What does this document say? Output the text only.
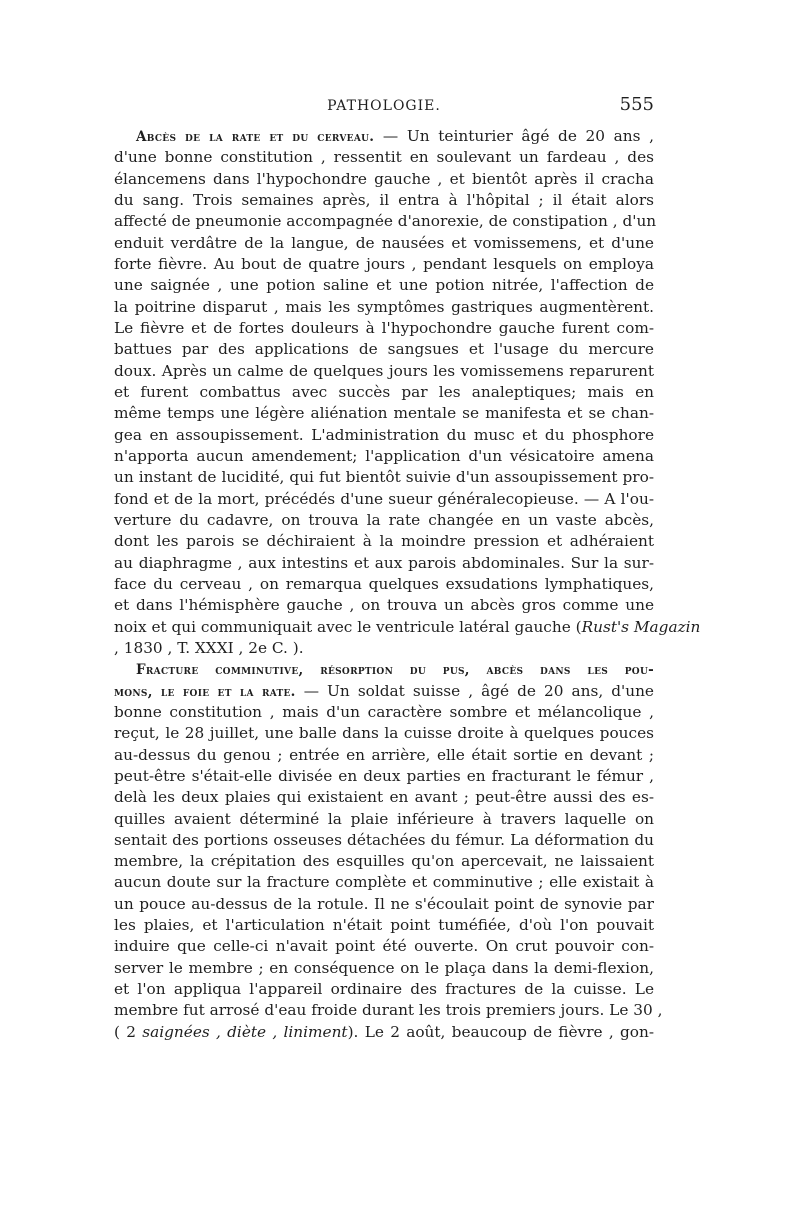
PATHOLOGIE.	555
Abcès de la rate et du cerveau. — Un teinturier âgé de 20 ans ,
d'une bonne constitution , ressentit en soulevant un fardeau , des
élancemens dans l'hypochondre gauche , et bientôt après il cracha
du sang. Trois semaines après, il entra à l'hôpital ; il était alors
affecté de pneumonie accompagnée d'anorexie, de constipation , d'un
enduit verdâtre de la langue, de nausées et vomissemens, et d'une
forte fièvre. Au bout de quatre jours , pendant lesquels on employa
une saignée , une potion saline et une potion nitrée, l'affection de
la poitrine disparut , mais les symptômes gastriques augmentèrent.
Le fièvre et de fortes douleurs à l'hypochondre gauche furent com-
battues par des applications de sangsues et l'usage du mercure
doux. Après un calme de quelques jours les vomissemens reparurent
et furent combattus avec succès par les analeptiques; mais en
même temps une légère aliénation mentale se manifesta et se chan-
gea en assoupissement. L'administration du musc et du phosphore
n'apporta aucun amendement; l'application d'un vésicatoire amena
un instant de lucidité, qui fut bientôt suivie d'un assoupissement pro-
fond et de la mort, précédés d'une sueur généralecopieuse. — A l'ou-
verture du cadavre, on trouva la rate changée en un vaste abcès,
dont les parois se déchiraient à la moindre pression et adhéraient
au diaphragme , aux intestins et aux parois abdominales. Sur la sur-
face du cerveau , on remarqua quelques exsudations lymphatiques,
et dans l'hémisphère gauche , on trouva un abcès gros comme une
noix et qui communiquait avec le ventricule latéral gauche (Rust's Magazin
, 1830 , T. XXXI , 2e C. ).
Fracture comminutive, résorption du pus, abcès dans les pou-
mons, le foie et la rate. — Un soldat suisse , âgé de 20 ans, d'une
bonne constitution , mais d'un caractère sombre et mélancolique ,
reçut, le 28 juillet, une balle dans la cuisse droite à quelques pouces
au-dessus du genou ; entrée en arrière, elle était sortie en devant ;
peut-être s'était-elle divisée en deux parties en fracturant le fémur ,
delà les deux plaies qui existaient en avant ; peut-être aussi des es-
quilles avaient déterminé la plaie inférieure à travers laquelle on
sentait des portions osseuses détachées du fémur. La déformation du
membre, la crépitation des esquilles qu'on apercevait, ne laissaient
aucun doute sur la fracture complète et comminutive ; elle existait à
un pouce au-dessus de la rotule. Il ne s'écoulait point de synovie par
les plaies, et l'articulation n'était point tuméfiée, d'où l'on pouvait
induire que celle-ci n'avait point été ouverte. On crut pouvoir con-
server le membre ; en conséquence on le plaça dans la demi-flexion,
et l'on appliqua l'appareil ordinaire des fractures de la cuisse. Le
membre fut arrosé d'eau froide durant les trois premiers jours. Le 30 ,
( 2 saignées , diète , liniment). Le 2 août, beaucoup de fièvre , gon-
